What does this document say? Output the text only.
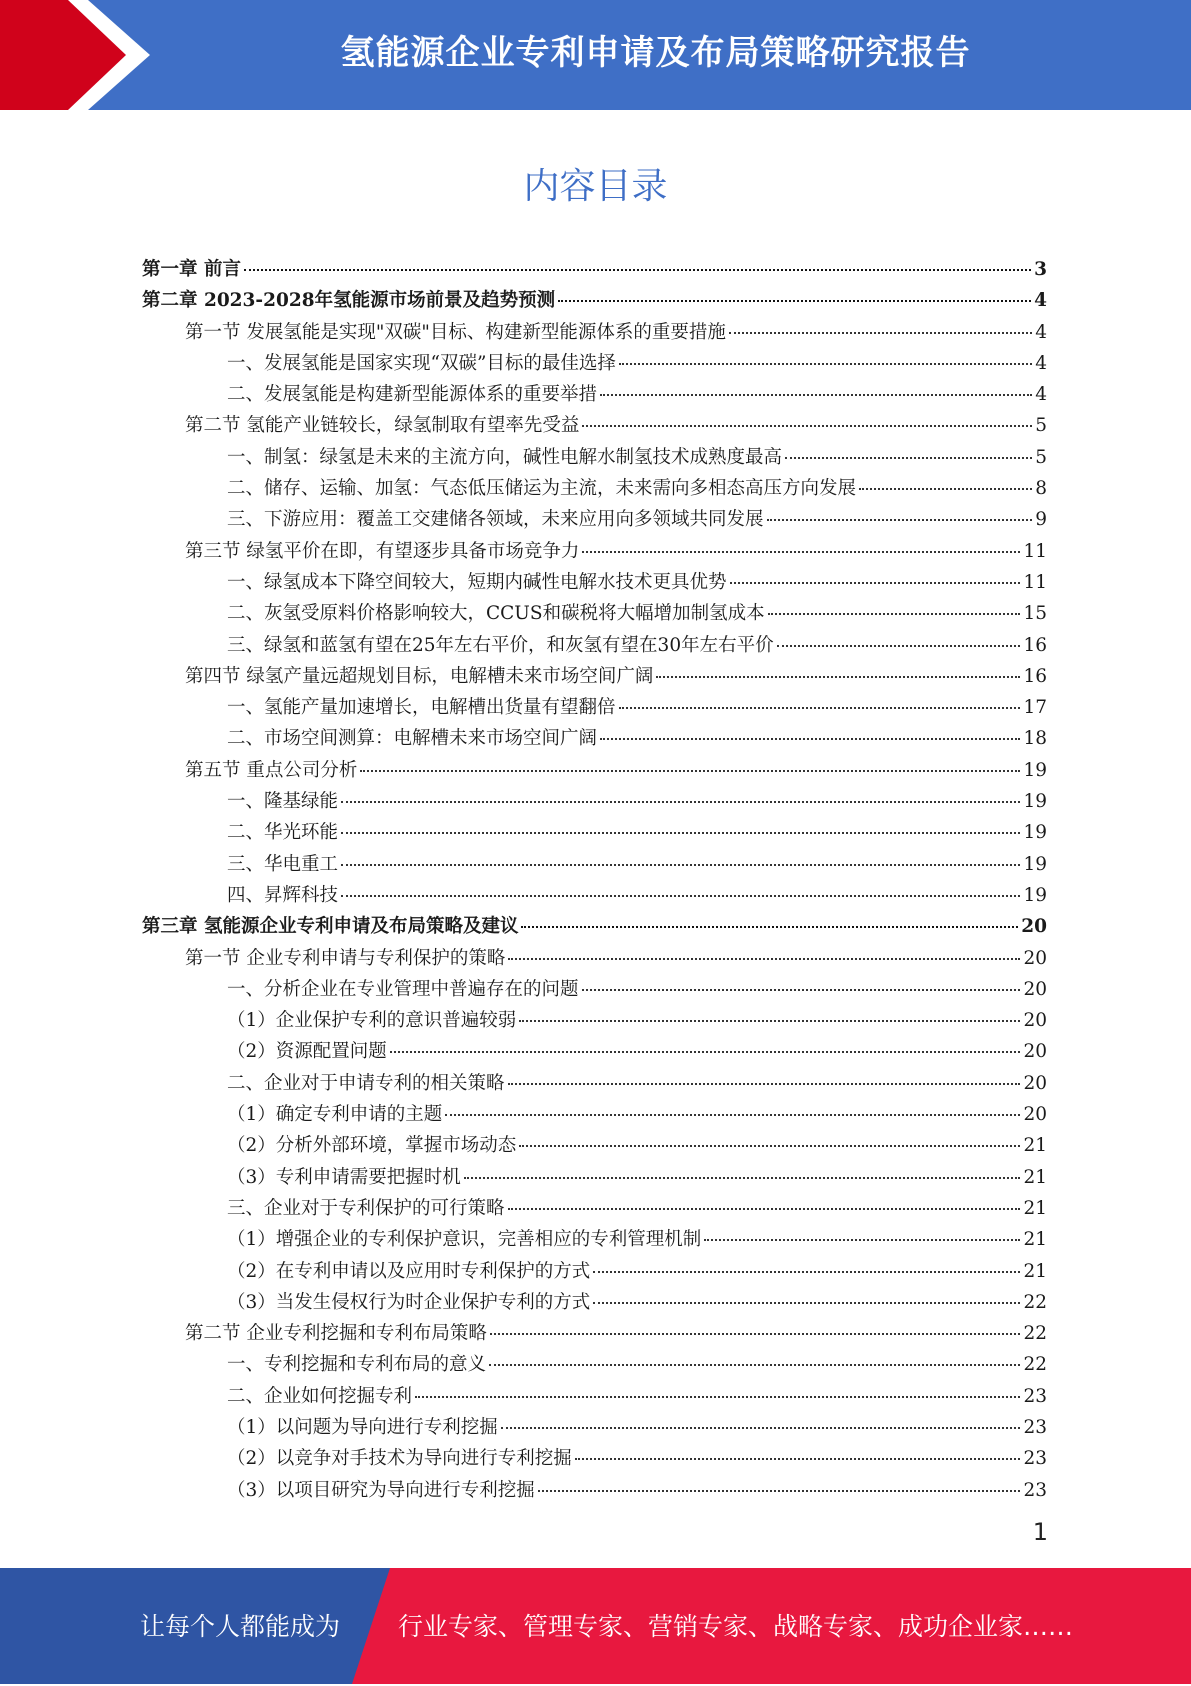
氢能源企业专利申请及布局策略研究报告
内容目录
第一章 前言	3
第二章 2023-2028年氢能源市场前景及趋势预测	4
第一节 发展氢能是实现"双碳"目标、构建新型能源体系的重要措施	4
一、发展氢能是国家实现“双碳”目标的最佳选择	4
二、发展氢能是构建新型能源体系的重要举措	4
第二节 氢能产业链较长，绿氢制取有望率先受益	5
一、制氢：绿氢是未来的主流方向，碱性电解水制氢技术成熟度最高	5
二、储存、运输、加氢：气态低压储运为主流，未来需向多相态高压方向发展	8
三、下游应用：覆盖工交建储各领域，未来应用向多领域共同发展	9
第三节 绿氢平价在即，有望逐步具备市场竞争力	11
一、绿氢成本下降空间较大，短期内碱性电解水技术更具优势	11
二、灰氢受原料价格影响较大，CCUS和碳税将大幅增加制氢成本	15
三、绿氢和蓝氢有望在25年左右平价，和灰氢有望在30年左右平价	16
第四节 绿氢产量远超规划目标，电解槽未来市场空间广阔	16
一、氢能产量加速增长，电解槽出货量有望翻倍	17
二、市场空间测算：电解槽未来市场空间广阔	18
第五节 重点公司分析	19
一、隆基绿能	19
二、华光环能	19
三、华电重工	19
四、昇辉科技	19
第三章 氢能源企业专利申请及布局策略及建议	20
第一节 企业专利申请与专利保护的策略	20
一、分析企业在专业管理中普遍存在的问题	20
（1）企业保护专利的意识普遍较弱	20
（2）资源配置问题	20
二、企业对于申请专利的相关策略	20
（1）确定专利申请的主题	20
（2）分析外部环境，掌握市场动态	21
（3）专利申请需要把握时机	21
三、企业对于专利保护的可行策略	21
（1）增强企业的专利保护意识，完善相应的专利管理机制	21
（2）在专利申请以及应用时专利保护的方式	21
（3）当发生侵权行为时企业保护专利的方式	22
第二节 企业专利挖掘和专利布局策略	22
一、专利挖掘和专利布局的意义	22
二、企业如何挖掘专利	23
（1）以问题为导向进行专利挖掘	23
（2）以竞争对手技术为导向进行专利挖掘	23
（3）以项目研究为导向进行专利挖掘	23
1
让每个人都能成为 行业专家、管理专家、营销专家、战略专家、成功企业家……
